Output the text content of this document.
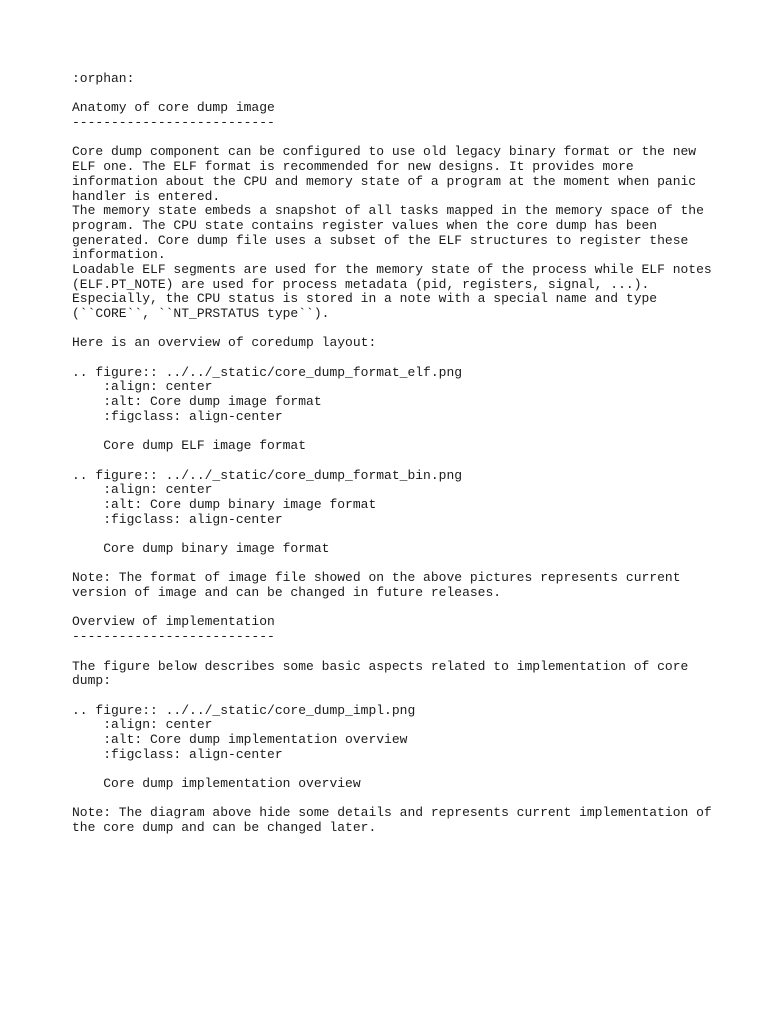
:orphan:
Anatomy of core dump image
--------------------------
Core dump component can be configured to use old legacy binary format or the new
ELF one. The ELF format is recommended for new designs. It provides more
information about the CPU and memory state of a program at the moment when panic
handler is entered.
The memory state embeds a snapshot of all tasks mapped in the memory space of the
program. The CPU state contains register values when the core dump has been
generated. Core dump file uses a subset of the ELF structures to register these
information.
Loadable ELF segments are used for the memory state of the process while ELF notes
(ELF.PT_NOTE) are used for process metadata (pid, registers, signal, ...).
Especially, the CPU status is stored in a note with a special name and type
(``CORE``, ``NT_PRSTATUS type``).
Here is an overview of coredump layout:
.. figure:: ../../_static/core_dump_format_elf.png
:align: center
:alt: Core dump image format
:figclass: align-center
Core dump ELF image format
.. figure:: ../../_static/core_dump_format_bin.png
:align: center
:alt: Core dump binary image format
:figclass: align-center
Core dump binary image format
Note: The format of image file showed on the above pictures represents current
version of image and can be changed in future releases.
Overview of implementation
--------------------------
The figure below describes some basic aspects related to implementation of core
dump:
.. figure:: ../../_static/core_dump_impl.png
:align: center
:alt: Core dump implementation overview
:figclass: align-center
Core dump implementation overview
Note: The diagram above hide some details and represents current implementation of
the core dump and can be changed later.
